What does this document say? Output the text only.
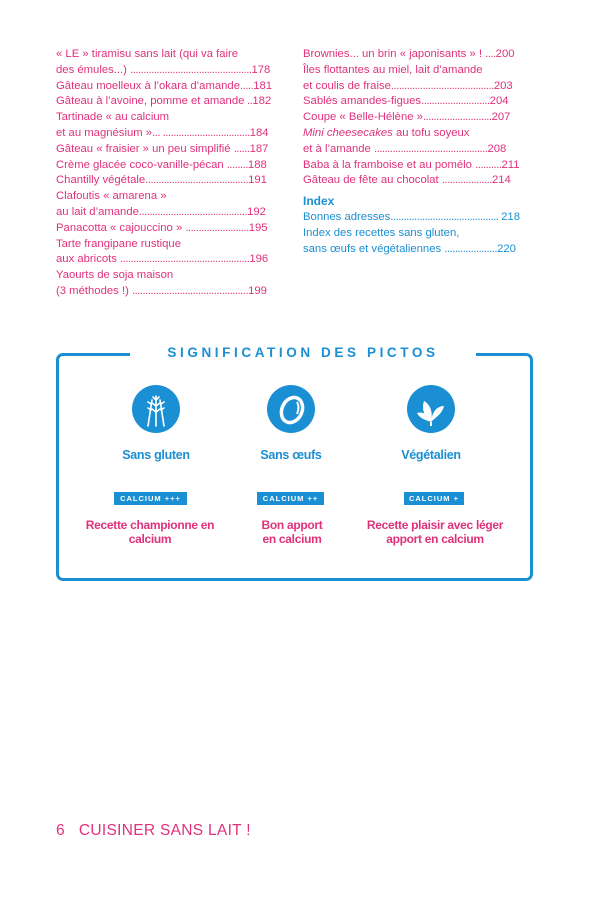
« LE » tiramisu sans lait (qui va faire
des émules...) ..............................................178
Gâteau moelleux à l’okara d’amande.....181
Gâteau à l’avoine, pomme et amande ..182
Tartinade « au calcium
et au magnésium »... .................................184
Gâteau « fraisier » un peu simplifié ......187
Crème glacée coco-vanille-pécan ........188
Chantilly végétale.......................................191
Clafoutis « amarena »
au lait d’amande.........................................192
Panacotta « cajouccino » ........................195
Tarte frangipane rustique
aux abricots .................................................196
Yaourts de soja maison
(3 méthodes !) ............................................199
Brownies... un brin « japonisants » ! ....200
Îles flottantes au miel, lait d’amande
et coulis de fraise.......................................203
Sablés amandes-figues..........................204
Coupe « Belle-Hélène »..........................207
Mini cheesecakes au tofu soyeux
et à l’amande ...........................................208
Baba à la framboise et au pomélo ..........211
Gâteau de fête au chocolat ...................214
Index
Bonnes adresses......................................... 218
Index des recettes sans gluten,
sans œufs et végétaliennes ....................220
SIGNIFICATION DES PICTOS
Sans gluten	Sans œufs	Végétalien
CALCIUM +++	CALCIUM ++	CALCIUM +
Recette championne en calcium
Bon apport
en calcium
Recette plaisir avec léger apport en calcium
6 CUISINER SANS LAIT !
